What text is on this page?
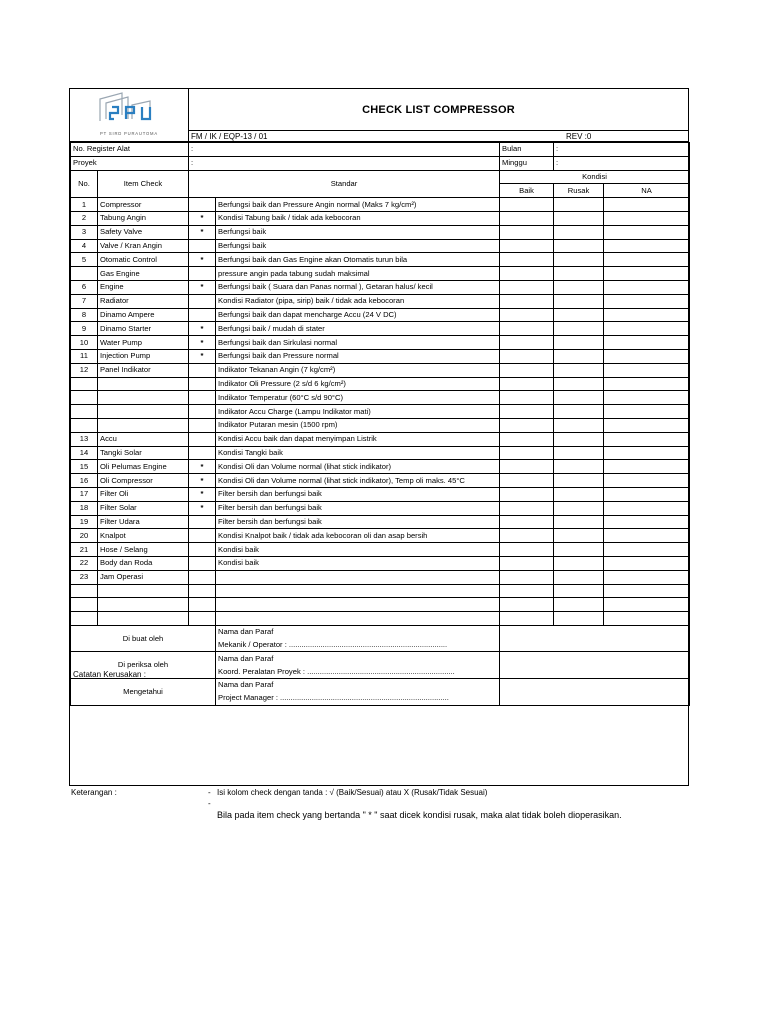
PT SIRD PURAUTOMA
CHECK LIST COMPRESSOR
FM / IK / EQP-13 / 01	REV :0
No. Register Alat		:		Bulan	:	
Proyek		:		Minggu	:	
No.	Item Check	Standar		Kondisi		
				Baik	Rusak	NA
1	Compressor		Berfungsi baik dan Pressure Angin normal (Maks 7 kg/cm²)			
2	Tabung Angin	*	Kondisi Tabung baik / tidak ada kebocoran			
3	Safety Valve	*	Berfungsi baik			
4	Valve / Kran Angin		Berfungsi baik			
5	Otomatic Control	*	Berfungsi baik dan Gas Engine akan Otomatis turun bila			
	Gas Engine		pressure angin pada tabung sudah maksimal			
6	Engine	*	Berfungsi baik ( Suara dan Panas normal ), Getaran halus/ kecil			
7	Radiator		Kondisi Radiator (pipa, sirip) baik / tidak ada kebocoran			
8	Dinamo Ampere		Berfungsi baik dan dapat mencharge Accu (24 V DC)			
9	Dinamo Starter	*	Berfungsi baik / mudah di stater			
10	Water Pump	*	Berfungsi baik dan Sirkulasi normal			
11	Injection Pump	*	Berfungsi baik dan Pressure normal			
12	Panel Indikator		Indikator Tekanan Angin (7 kg/cm²)			
			Indikator Oli Pressure (2 s/d 6 kg/cm²)			
			Indikator Temperatur (60°C s/d 90°C)			
			Indikator Accu Charge (Lampu Indikator mati)			
			Indikator Putaran mesin (1500 rpm)			
13	Accu		Kondisi Accu baik dan dapat menyimpan Listrik			
14	Tangki Solar		Kondisi Tangki baik			
15	Oli Pelumas Engine	*	Kondisi Oli dan Volume normal (lihat stick indikator)			
16	Oli Compressor	*	Kondisi Oli dan Volume normal (lihat stick indikator), Temp oli maks. 45°C			
17	Filter Oli	*	Filter bersih dan berfungsi baik			
18	Filter Solar	*	Filter bersih dan berfungsi baik			
19	Filter Udara		Filter bersih dan berfungsi baik			
20	Knalpot		Kondisi Knalpot baik / tidak ada kebocoran oli dan asap bersih			
21	Hose / Selang		Kondisi baik			
22	Body dan Roda		Kondisi baik			
23	Jam Operasi					

Di buat oleh			Nama dan Paraf			
			Mekanik / Operator : ...........................................................................			
Di periksa oleh			Nama dan Paraf			
			Koord. Peralatan Proyek : ......................................................................			
Mengetahui			Nama dan Paraf			
			Project Manager : ................................................................................			
Catatan Kerusakan :
Keterangan :	- Isi kolom check dengan tanda : √ (Baik/Sesuai) atau X (Rusak/Tidak Sesuai)
-
Bila pada item check yang bertanda " * " saat dicek kondisi rusak, maka alat tidak boleh dioperasikan.
